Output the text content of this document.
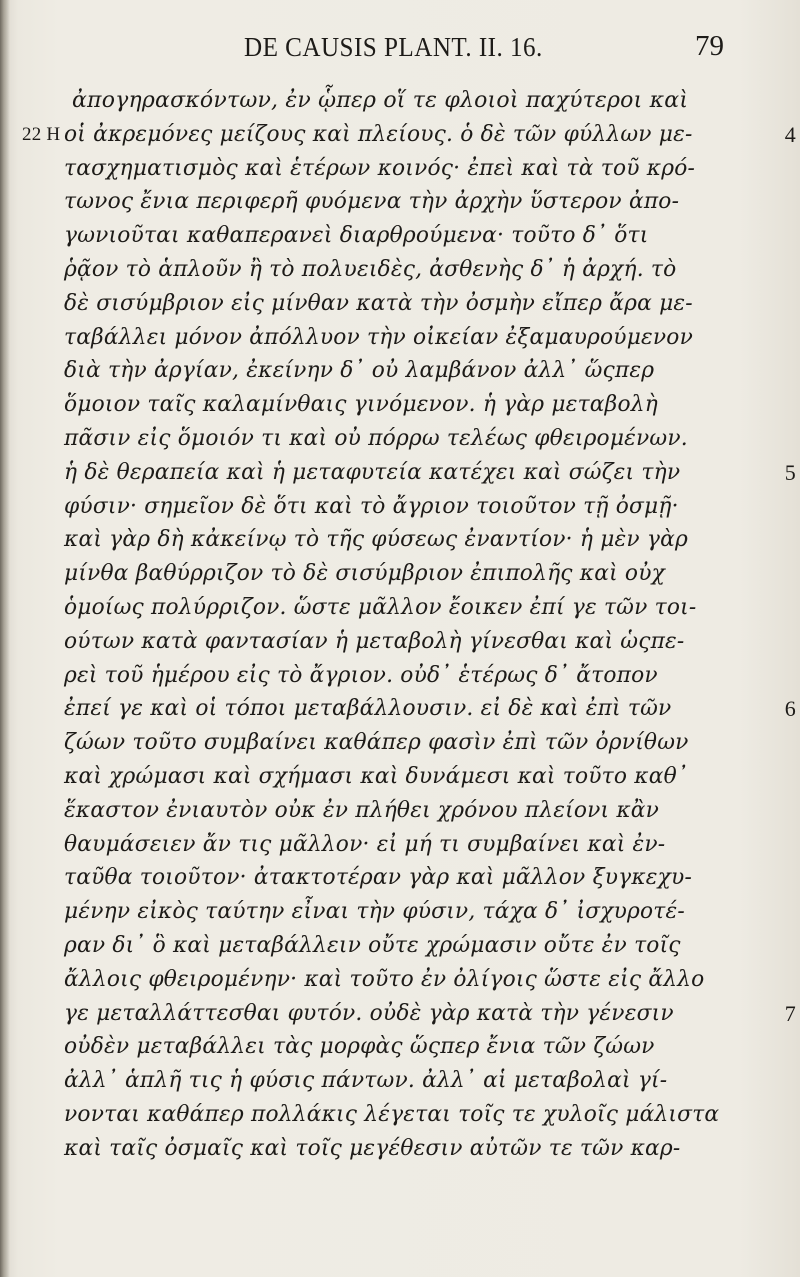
DE CAUSIS PLANT. II. 16.	79
ἀπογηρασκόντων, ἐν ᾧπερ οἵ τε φλοιοὶ παχύτεροι καὶ
22 H οἱ ἀκρεμόνες μείζους καὶ πλείους. ὁ δὲ τῶν φύλλων με-	4
τασχηματισμὸς καὶ ἑτέρων κοινός· ἐπεὶ καὶ τὰ τοῦ κρό-
τωνος ἔνια περιφερῆ φυόμενα τὴν ἀρχὴν ὕστερον ἀπο-
γωνιοῦται καθαπερανεὶ διαρθρούμενα· τοῦτο δ᾽ ὅτι
ῥᾷον τὸ ἁπλοῦν ἢ τὸ πολυειδὲς, ἀσθενὴς δ᾽ ἡ ἀρχή. τὸ
δὲ σισύμβριον εἰς μίνθαν κατὰ τὴν ὀσμὴν εἴπερ ἄρα με-
ταβάλλει μόνον ἀπόλλυον τὴν οἰκείαν ἐξαμαυρούμενον
διὰ τὴν ἀργίαν, ἐκείνην δ᾽ οὐ λαμβάνον ἀλλ᾽ ὥςπερ
ὅμοιον ταῖς καλαμίνθαις γινόμενον. ἡ γὰρ μεταβολὴ
πᾶσιν εἰς ὅμοιόν τι καὶ οὐ πόρρω τελέως φθειρομένων.
ἡ δὲ θεραπεία καὶ ἡ μεταφυτεία κατέχει καὶ σώζει τὴν	5
φύσιν· σημεῖον δὲ ὅτι καὶ τὸ ἄγριον τοιοῦτον τῇ ὀσμῇ·
καὶ γὰρ δὴ κἀκείνῳ τὸ τῆς φύσεως ἐναντίον· ἡ μὲν γὰρ
μίνθα βαθύρριζον τὸ δὲ σισύμβριον ἐπιπολῆς καὶ οὐχ
ὁμοίως πολύρριζον. ὥστε μᾶλλον ἔοικεν ἐπί γε τῶν τοι-
ούτων κατὰ φαντασίαν ἡ μεταβολὴ γίνεσθαι καὶ ὡςπε-
ρεὶ τοῦ ἡμέρου εἰς τὸ ἄγριον. οὐδ᾽ ἑτέρως δ᾽ ἄτοπον
ἐπεί γε καὶ οἱ τόποι μεταβάλλουσιν. εἰ δὲ καὶ ἐπὶ τῶν	6
ζώων τοῦτο συμβαίνει καθάπερ φασὶν ἐπὶ τῶν ὀρνίθων
καὶ χρώμασι καὶ σχήμασι καὶ δυνάμεσι καὶ τοῦτο καθ᾽
ἕκαστον ἐνιαυτὸν οὐκ ἐν πλήθει χρόνου πλείονι κἂν
θαυμάσειεν ἄν τις μᾶλλον· εἰ μή τι συμβαίνει καὶ ἐν-
ταῦθα τοιοῦτον· ἀτακτοτέραν γὰρ καὶ μᾶλλον ξυγκεχυ-
μένην εἰκὸς ταύτην εἶναι τὴν φύσιν, τάχα δ᾽ ἰσχυροτέ-
ραν δι᾽ ὃ καὶ μεταβάλλειν οὔτε χρώμασιν οὔτε ἐν τοῖς
ἄλλοις φθειρομένην· καὶ τοῦτο ἐν ὀλίγοις ὥστε εἰς ἄλλο
γε μεταλλάττεσθαι φυτόν. οὐδὲ γὰρ κατὰ τὴν γένεσιν	7
οὐδὲν μεταβάλλει τὰς μορφὰς ὥςπερ ἔνια τῶν ζώων
ἀλλ᾽ ἁπλῆ τις ἡ φύσις πάντων. ἀλλ᾽ αἱ μεταβολαὶ γί-
νονται καθάπερ πολλάκις λέγεται τοῖς τε χυλοῖς μάλιστα
καὶ ταῖς ὀσμαῖς καὶ τοῖς μεγέθεσιν αὐτῶν τε τῶν καρ-
